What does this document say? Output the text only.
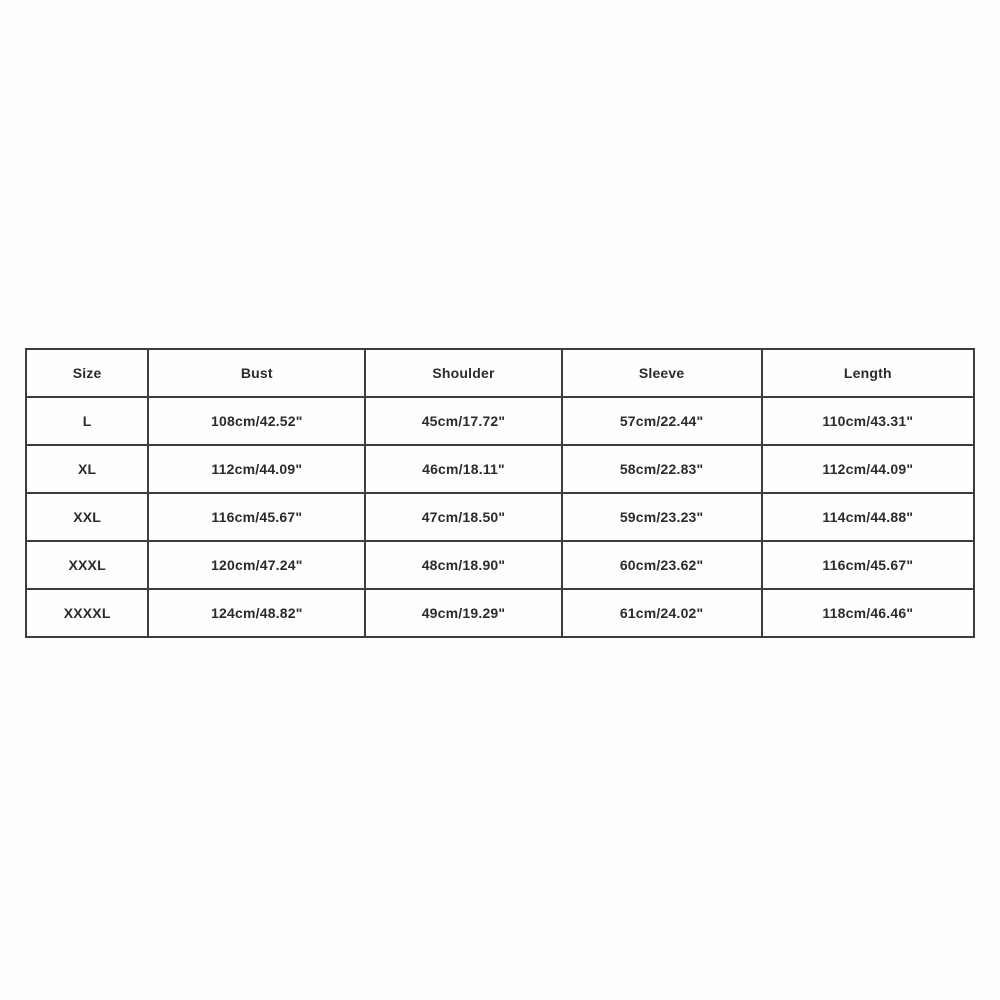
Size	Bust	Shoulder	Sleeve	Length
L	108cm/42.52"	45cm/17.72"	57cm/22.44"	110cm/43.31"
XL	112cm/44.09"	46cm/18.11"	58cm/22.83"	112cm/44.09"
XXL	116cm/45.67"	47cm/18.50"	59cm/23.23"	114cm/44.88"
XXXL	120cm/47.24"	48cm/18.90"	60cm/23.62"	116cm/45.67"
XXXXL	124cm/48.82"	49cm/19.29"	61cm/24.02"	118cm/46.46"
